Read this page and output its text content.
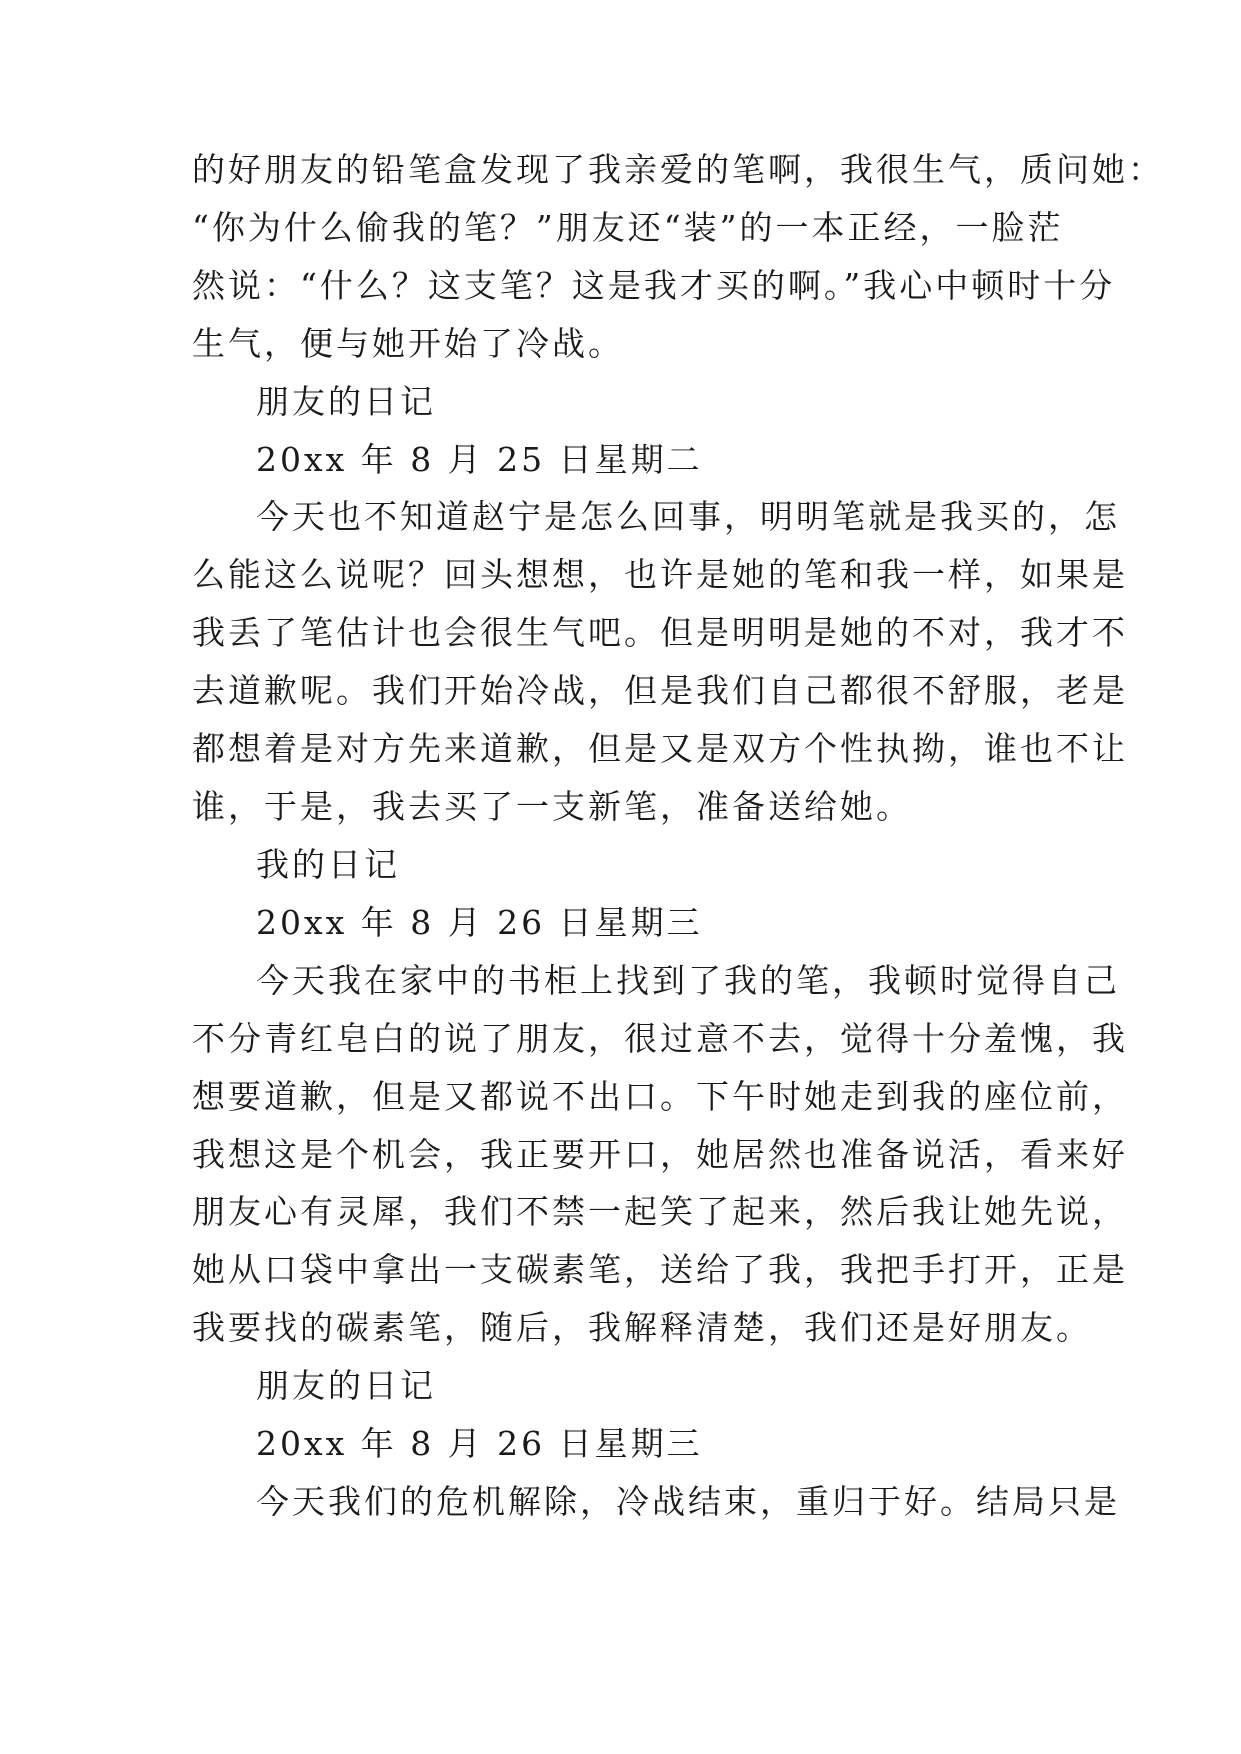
的好朋友的铅笔盒发现了我亲爱的笔啊，我很生气，质问她：
“你为什么偷我的笔？”朋友还“装”的一本正经，一脸茫
然说：“什么？这支笔？这是我才买的啊。”我心中顿时十分
生气，便与她开始了冷战。
朋友的日记
20xx 年 8 月 25 日星期二
今天也不知道赵宁是怎么回事，明明笔就是我买的，怎
么能这么说呢？回头想想，也许是她的笔和我一样，如果是
我丢了笔估计也会很生气吧。但是明明是她的不对，我才不
去道歉呢。我们开始冷战，但是我们自己都很不舒服，老是
都想着是对方先来道歉，但是又是双方个性执拗，谁也不让
谁，于是，我去买了一支新笔，准备送给她。
我的日记
20xx 年 8 月 26 日星期三
今天我在家中的书柜上找到了我的笔，我顿时觉得自己
不分青红皂白的说了朋友，很过意不去，觉得十分羞愧，我
想要道歉，但是又都说不出口。下午时她走到我的座位前，
我想这是个机会，我正要开口，她居然也准备说活，看来好
朋友心有灵犀，我们不禁一起笑了起来，然后我让她先说，
她从口袋中拿出一支碳素笔，送给了我，我把手打开，正是
我要找的碳素笔，随后，我解释清楚，我们还是好朋友。
朋友的日记
20xx 年 8 月 26 日星期三
今天我们的危机解除，冷战结束，重归于好。结局只是
